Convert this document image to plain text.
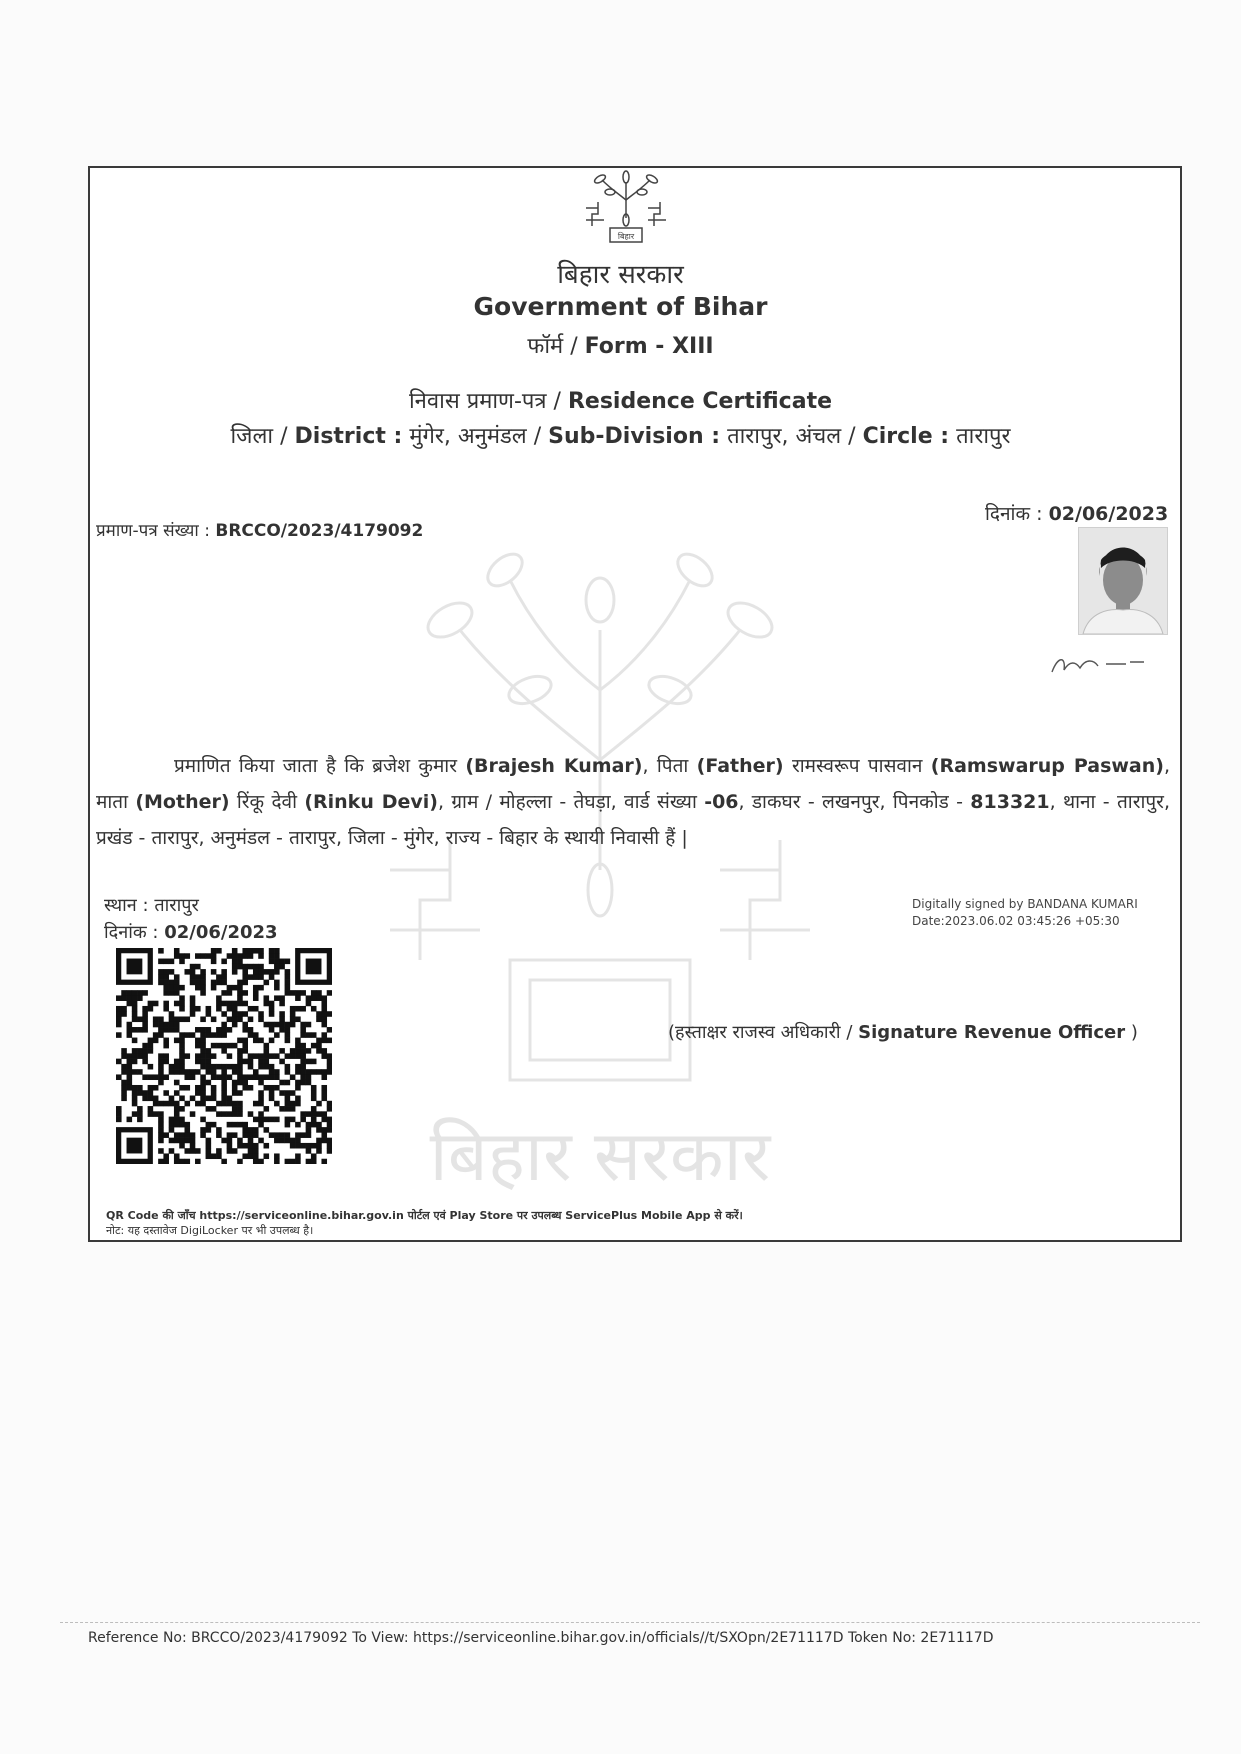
बिहार सरकार
बिहार
बिहार सरकार
Government of Bihar
फॉर्म / Form - XIII
निवास प्रमाण-पत्र / Residence Certificate
जिला / District : मुंगेर, अनुमंडल / Sub-Division : तारापुर, अंचल / Circle : तारापुर
दिनांक : 02/06/2023
प्रमाण-पत्र संख्या : BRCCO/2023/4179092
प्रमाणित किया जाता है कि ब्रजेश कुमार (Brajesh Kumar), पिता (Father) रामस्वरूप पासवान (Ramswarup Paswan), माता (Mother) रिंकू देवी (Rinku Devi), ग्राम / मोहल्ला - तेघड़ा, वार्ड संख्या -06, डाकघर - लखनपुर, पिनकोड - 813321, थाना - तारापुर, प्रखंड - तारापुर, अनुमंडल - तारापुर, जिला - मुंगेर, राज्य - बिहार के स्थायी निवासी हैं |
स्थान : तारापुर
दिनांक : 02/06/2023
Digitally signed by BANDANA KUMARI
Date:2023.06.02 03:45:26 +05:30
(हस्ताक्षर राजस्व अधिकारी / Signature Revenue Officer )
QR Code की जाँच https://serviceonline.bihar.gov.in पोर्टल एवं Play Store पर उपलब्ध ServicePlus Mobile App से करें।
नोट: यह दस्तावेज DigiLocker पर भी उपलब्ध है।
Reference No: BRCCO/2023/4179092 To View: https://serviceonline.bihar.gov.in/officials//t/SXOpn/2E71117D Token No: 2E71117D
